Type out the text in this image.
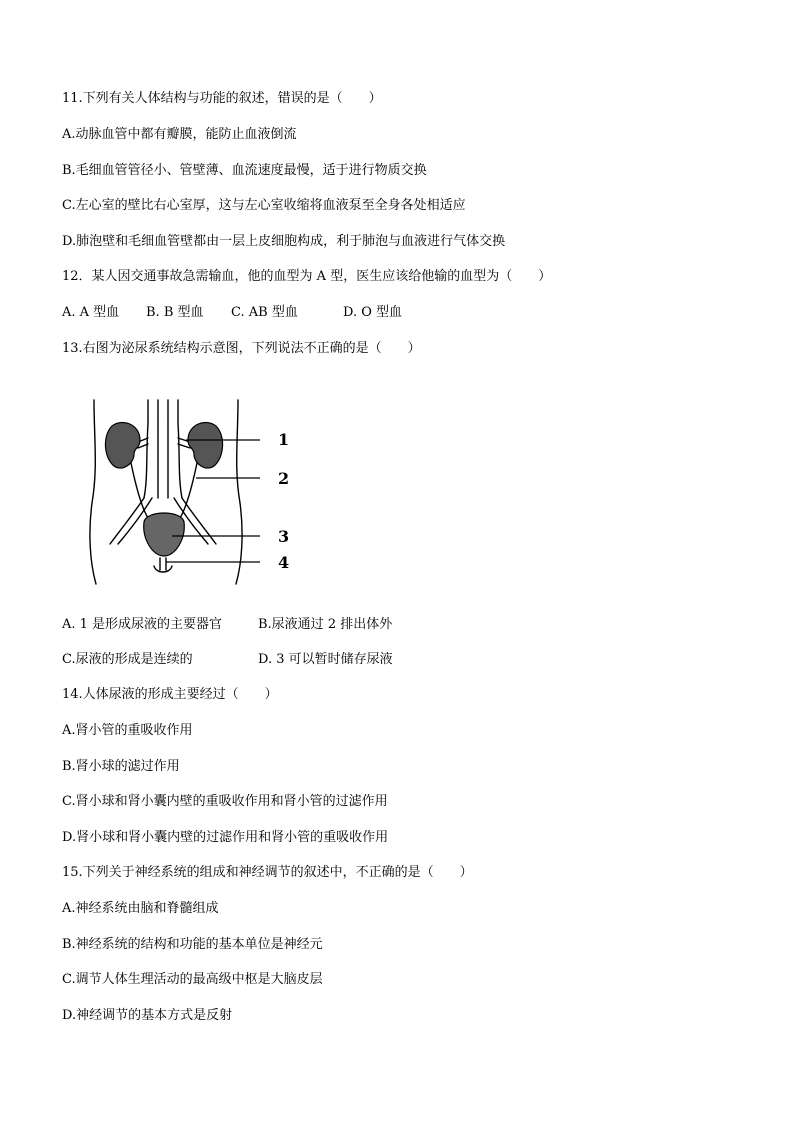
11.下列有关人体结构与功能的叙述，错误的是（　　）
A.动脉血管中都有瓣膜，能防止血液倒流
B.毛细血管管径小、管壁薄、血流速度最慢，适于进行物质交换
C.左心室的壁比右心室厚，这与左心室收缩将血液泵至全身各处相适应
D.肺泡壁和毛细血管壁都由一层上皮细胞构成，利于肺泡与血液进行气体交换
12．某人因交通事故急需输血，他的血型为 A 型，医生应该给他输的血型为（　　）
A. A 型血 B. B 型血 C. AB 型血	D. O 型血
13.右图为泌尿系统结构示意图，下列说法不正确的是（　　）
1
2
3
4
A. 1 是形成尿液的主要器官	B.尿液通过 2 排出体外
C.尿液的形成是连续的	D. 3 可以暂时储存尿液
14.人体尿液的形成主要经过（　　）
A.肾小管的重吸收作用
B.肾小球的滤过作用
C.肾小球和肾小囊内壁的重吸收作用和肾小管的过滤作用
D.肾小球和肾小囊内壁的过滤作用和肾小管的重吸收作用
15.下列关于神经系统的组成和神经调节的叙述中，不正确的是（　　）
A.神经系统由脑和脊髓组成
B.神经系统的结构和功能的基本单位是神经元
C.调节人体生理活动的最高级中枢是大脑皮层
D.神经调节的基本方式是反射
